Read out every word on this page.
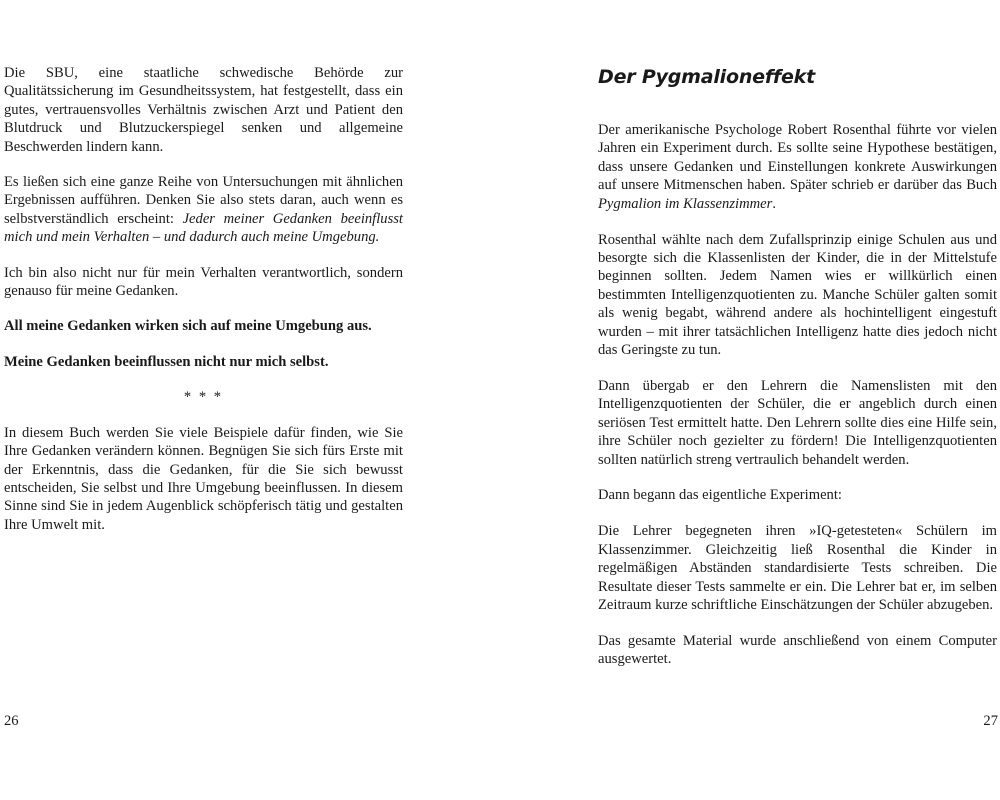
Die SBU, eine staatliche schwedische Behörde zur Qualitätssicherung im Gesundheitssystem, hat festgestellt, dass ein gutes, vertrauensvolles Verhältnis zwischen Arzt und Patient den Blutdruck und Blutzuckerspiegel senken und allgemeine Beschwerden lindern kann.

Es ließen sich eine ganze Reihe von Untersuchungen mit ähnlichen Ergebnissen aufführen. Denken Sie also stets daran, auch wenn es selbstverständlich erscheint: Jeder meiner Gedanken beeinflusst mich und mein Verhalten – und dadurch auch meine Umgebung.

Ich bin also nicht nur für mein Verhalten verantwortlich, sondern genauso für meine Gedanken.

All meine Gedanken wirken sich auf meine Umgebung aus.

Meine Gedanken beeinflussen nicht nur mich selbst.

* * *

In diesem Buch werden Sie viele Beispiele dafür finden, wie Sie Ihre Gedanken verändern können. Begnügen Sie sich fürs Erste mit der Erkenntnis, dass die Gedanken, für die Sie sich bewusst entscheiden, Sie selbst und Ihre Umgebung beeinflussen. In diesem Sinne sind Sie in jedem Augenblick schöpferisch tätig und gestalten Ihre Umwelt mit.

26
Der Pygmalioneffekt

Der amerikanische Psychologe Robert Rosenthal führte vor vielen Jahren ein Experiment durch. Es sollte seine Hypothese bestätigen, dass unsere Gedanken und Einstellungen konkrete Auswirkungen auf unsere Mitmenschen haben. Später schrieb er darüber das Buch Pygmalion im Klassenzimmer.

Rosenthal wählte nach dem Zufallsprinzip einige Schulen aus und besorgte sich die Klassenlisten der Kinder, die in der Mittelstufe beginnen sollten. Jedem Namen wies er willkürlich einen bestimmten Intelligenzquotienten zu. Manche Schüler galten somit als wenig begabt, während andere als hochintelligent eingestuft wurden – mit ihrer tatsächlichen Intelligenz hatte dies jedoch nicht das Geringste zu tun.

Dann übergab er den Lehrern die Namenslisten mit den Intelligenzquotienten der Schüler, die er angeblich durch einen seriösen Test ermittelt hatte. Den Lehrern sollte dies eine Hilfe sein, ihre Schüler noch gezielter zu fördern! Die Intelligenzquotienten sollten natürlich streng vertraulich behandelt werden.

Dann begann das eigentliche Experiment:

Die Lehrer begegneten ihren »IQ-getesteten« Schülern im Klassenzimmer. Gleichzeitig ließ Rosenthal die Kinder in regelmäßigen Abständen standardisierte Tests schreiben. Die Resultate dieser Tests sammelte er ein. Die Lehrer bat er, im selben Zeitraum kurze schriftliche Einschätzungen der Schüler abzugeben.

Das gesamte Material wurde anschließend von einem Computer ausgewertet.

27
